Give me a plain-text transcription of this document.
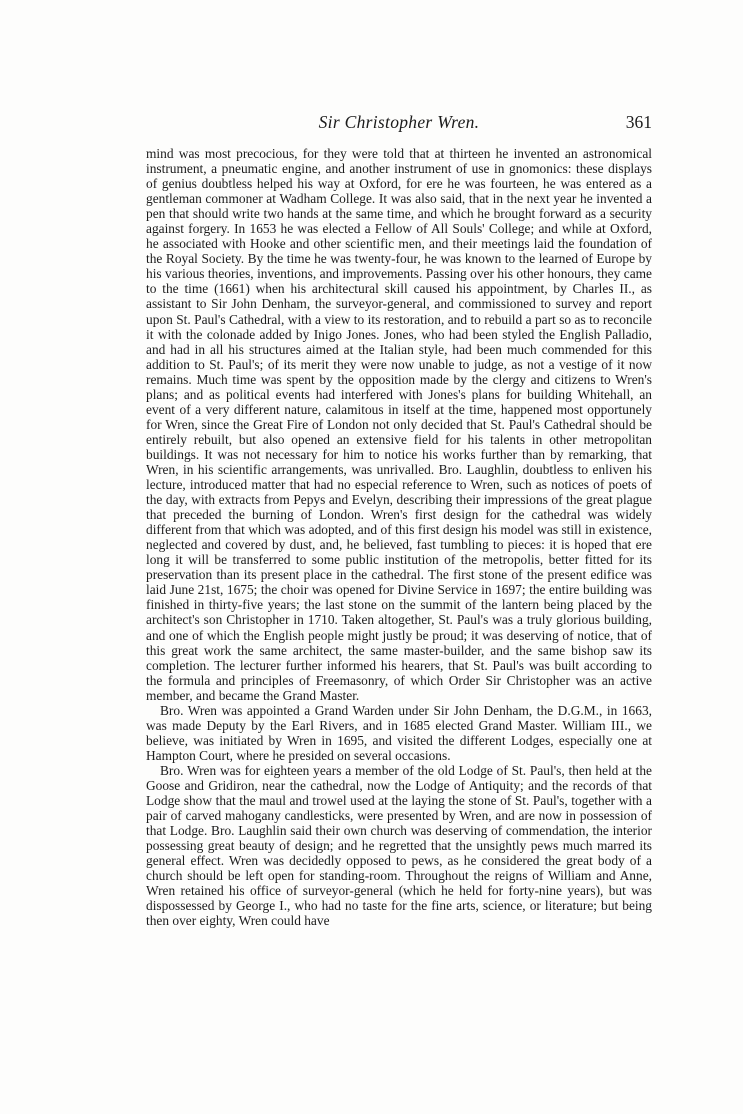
Sir Christopher Wren.	361

mind was most precocious, for they were told that at thirteen he invented an astronomical instrument, a pneumatic engine, and another instrument of use in gnomonics: these displays of genius doubtless helped his way at Oxford, for ere he was fourteen, he was entered as a gentleman commoner at Wadham College. It was also said, that in the next year he invented a pen that should write two hands at the same time, and which he brought forward as a security against forgery. In 1653 he was elected a Fellow of All Souls' College; and while at Oxford, he associated with Hooke and other scientific men, and their meetings laid the foundation of the Royal Society. By the time he was twenty-four, he was known to the learned of Europe by his various theories, inventions, and improvements. Passing over his other honours, they came to the time (1661) when his architectural skill caused his appointment, by Charles II., as assistant to Sir John Denham, the surveyor-general, and commissioned to survey and report upon St. Paul's Cathedral, with a view to its restoration, and to rebuild a part so as to reconcile it with the colonade added by Inigo Jones. Jones, who had been styled the English Palladio, and had in all his structures aimed at the Italian style, had been much commended for this addition to St. Paul's; of its merit they were now unable to judge, as not a vestige of it now remains. Much time was spent by the opposition made by the clergy and citizens to Wren's plans; and as political events had interfered with Jones's plans for building Whitehall, an event of a very different nature, calamitous in itself at the time, happened most opportunely for Wren, since the Great Fire of London not only decided that St. Paul's Cathedral should be entirely rebuilt, but also opened an extensive field for his talents in other metropolitan buildings. It was not necessary for him to notice his works further than by remarking, that Wren, in his scientific arrangements, was unrivalled. Bro. Laughlin, doubtless to enliven his lecture, introduced matter that had no especial reference to Wren, such as notices of poets of the day, with extracts from Pepys and Evelyn, describing their impressions of the great plague that preceded the burning of London. Wren's first design for the cathedral was widely different from that which was adopted, and of this first design his model was still in existence, neglected and covered by dust, and, he believed, fast tumbling to pieces: it is hoped that ere long it will be transferred to some public institution of the metropolis, better fitted for its preservation than its present place in the cathedral. The first stone of the present edifice was laid June 21st, 1675; the choir was opened for Divine Service in 1697; the entire building was finished in thirty-five years; the last stone on the summit of the lantern being placed by the architect's son Christopher in 1710. Taken altogether, St. Paul's was a truly glorious building, and one of which the English people might justly be proud; it was deserving of notice, that of this great work the same architect, the same master-builder, and the same bishop saw its completion. The lecturer further informed his hearers, that St. Paul's was built according to the formula and principles of Freemasonry, of which Order Sir Christopher was an active member, and became the Grand Master.

Bro. Wren was appointed a Grand Warden under Sir John Denham, the D.G.M., in 1663, was made Deputy by the Earl Rivers, and in 1685 elected Grand Master. William III., we believe, was initiated by Wren in 1695, and visited the different Lodges, especially one at Hampton Court, where he presided on several occasions.

Bro. Wren was for eighteen years a member of the old Lodge of St. Paul's, then held at the Goose and Gridiron, near the cathedral, now the Lodge of Antiquity; and the records of that Lodge show that the maul and trowel used at the laying the stone of St. Paul's, together with a pair of carved mahogany candlesticks, were presented by Wren, and are now in possession of that Lodge. Bro. Laughlin said their own church was deserving of commendation, the interior possessing great beauty of design; and he regretted that the unsightly pews much marred its general effect. Wren was decidedly opposed to pews, as he considered the great body of a church should be left open for standing-room. Throughout the reigns of William and Anne, Wren retained his office of surveyor-general (which he held for forty-nine years), but was dispossessed by George I., who had no taste for the fine arts, science, or literature; but being then over eighty, Wren could have
